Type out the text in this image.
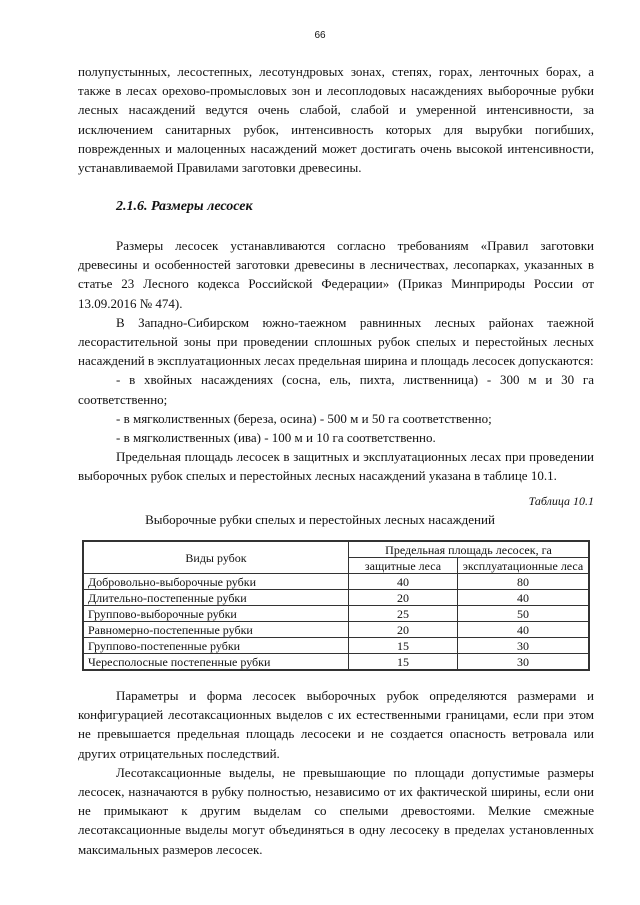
66

полупустынных, лесостепных, лесотундровых зонах, степях, горах, ленточных борах, а также в лесах орехово-промысловых зон и лесоплодовых насаждениях выборочные рубки лесных насаждений ведутся очень слабой, слабой и умеренной интенсивности, за исключением санитарных рубок, интенсивность которых для вырубки погибших, поврежденных и малоценных насаждений может достигать очень высокой интенсивности, устанавливаемой Правилами заготовки древесины.

2.1.6. Размеры лесосек

Размеры лесосек устанавливаются согласно требованиям «Правил заготовки древесины и особенностей заготовки древесины в лесничествах, лесопарках, указанных в статье 23 Лесного кодекса Российской Федерации» (Приказ Минприроды России от 13.09.2016 № 474).

В Западно-Сибирском южно-таежном равнинных лесных районах таежной лесорастительной зоны при проведении сплошных рубок спелых и перестойных лесных насаждений в эксплуатационных лесах предельная ширина и площадь лесосек допускаются:

- в хвойных насаждениях (сосна, ель, пихта, лиственница) - 300 м и 30 га соответственно;

- в мягколиственных (береза, осина) - 500 м и 50 га соответственно;

- в мягколиственных (ива) - 100 м и 10 га соответственно.

Предельная площадь лесосек в защитных и эксплуатационных лесах при проведении выборочных рубок спелых и перестойных лесных насаждений указана в таблице 10.1.

Таблица 10.1
Выборочные рубки спелых и перестойных лесных насаждений
Виды рубок	Предельная площадь лесосек, га	
	защитные леса	эксплуатационные леса
Добровольно-выборочные рубки	40	80
Длительно-постепенные рубки	20	40
Группово-выборочные рубки	25	50
Равномерно-постепенные рубки	20	40
Группово-постепенные рубки	15	30
Чересполосные постепенные рубки	15	30

Параметры и форма лесосек выборочных рубок определяются размерами и конфигурацией лесотаксационных выделов с их естественными границами, если при этом не превышается предельная площадь лесосеки и не создается опасность ветровала или других отрицательных последствий.

Лесотаксационные выделы, не превышающие по площади допустимые размеры лесосек, назначаются в рубку полностью, независимо от их фактической ширины, если они не примыкают к другим выделам со спелыми древостоями. Мелкие смежные лесотаксационные выделы могут объединяться в одну лесосеку в пределах установленных максимальных размеров лесосек.
